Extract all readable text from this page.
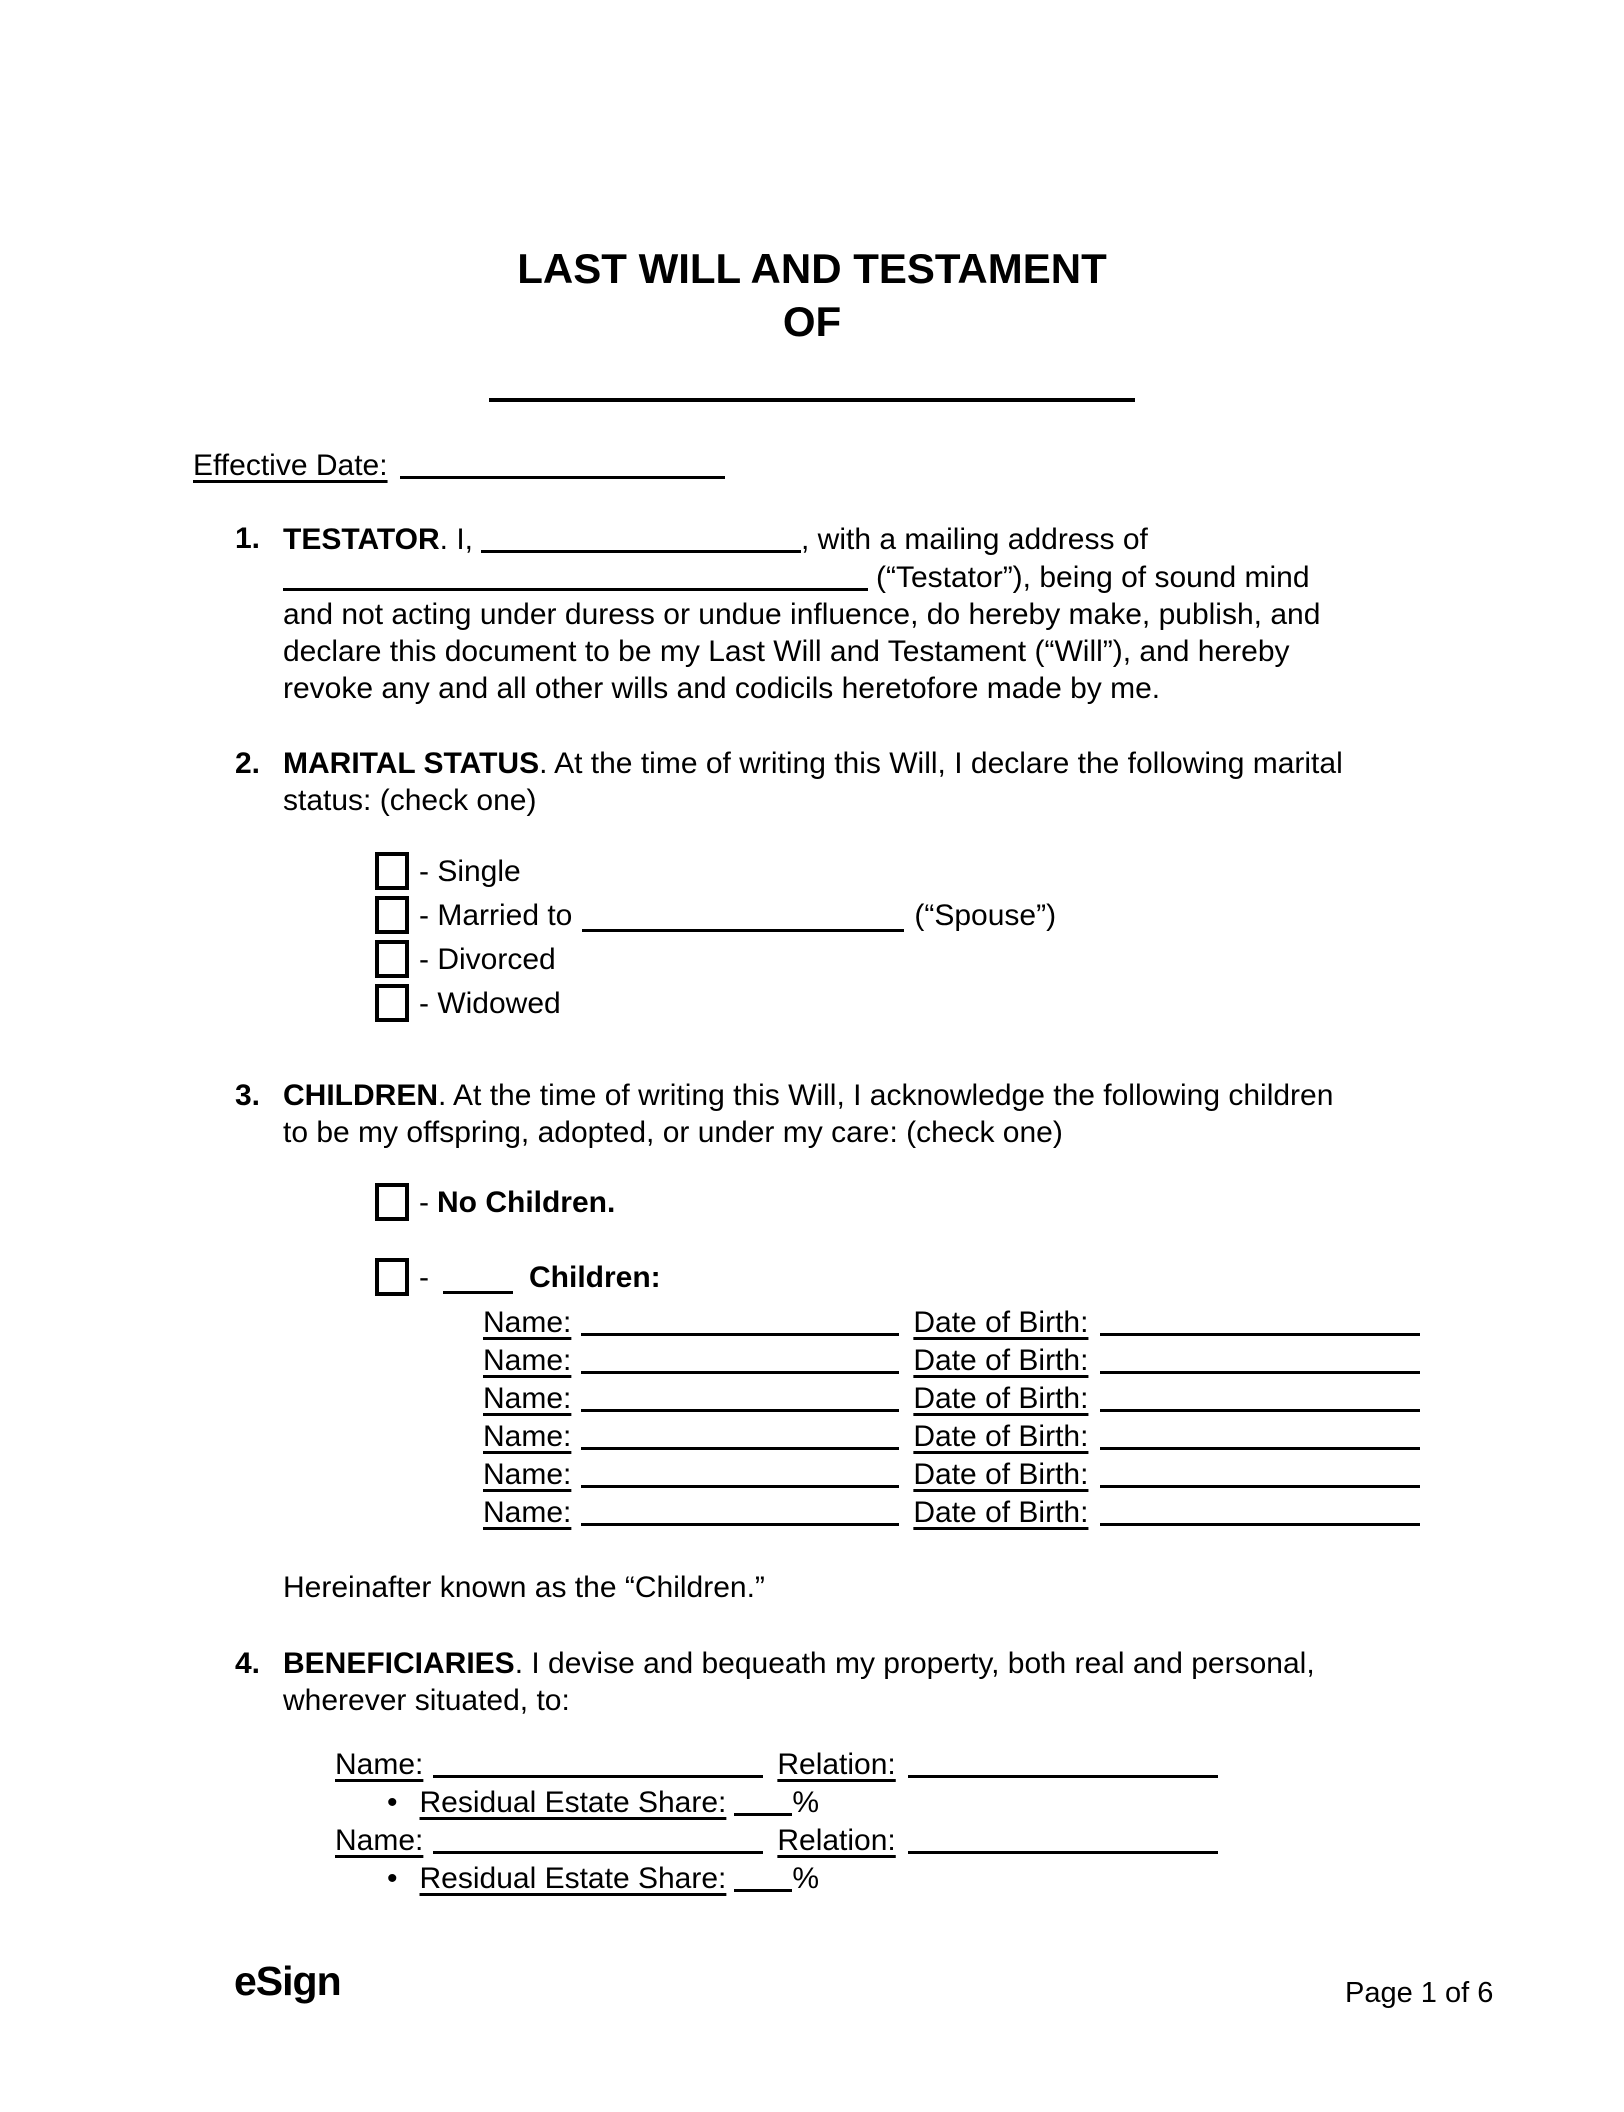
LAST WILL AND TESTAMENT
OF
Effective Date:
1. TESTATOR. I,	, with a mailing address of
(“Testator”), being of sound mind
and not acting under duress or undue influence, do hereby make, publish, and
declare this document to be my Last Will and Testament (“Will”), and hereby
revoke any and all other wills and codicils heretofore made by me.
2. MARITAL STATUS. At the time of writing this Will, I declare the following marital
status: (check one)
- Single
- Married to	(“Spouse”)
- Divorced
- Widowed
3. CHILDREN. At the time of writing this Will, I acknowledge the following children
to be my offspring, adopted, or under my care: (check one)
- No Children .
-	Children:
Name:	Date of Birth:
Name:	Date of Birth:
Name:	Date of Birth:
Name:	Date of Birth:
Name:	Date of Birth:
Name:	Date of Birth:
Hereinafter known as the “Children.”
4. BENEFICIARIES. I devise and bequeath my property, both real and personal,
wherever situated, to:
Name:	Relation:
• Residual Estate Share: %
Name:	Relation:
• Residual Estate Share: %
eSign	Page 1 of 6
